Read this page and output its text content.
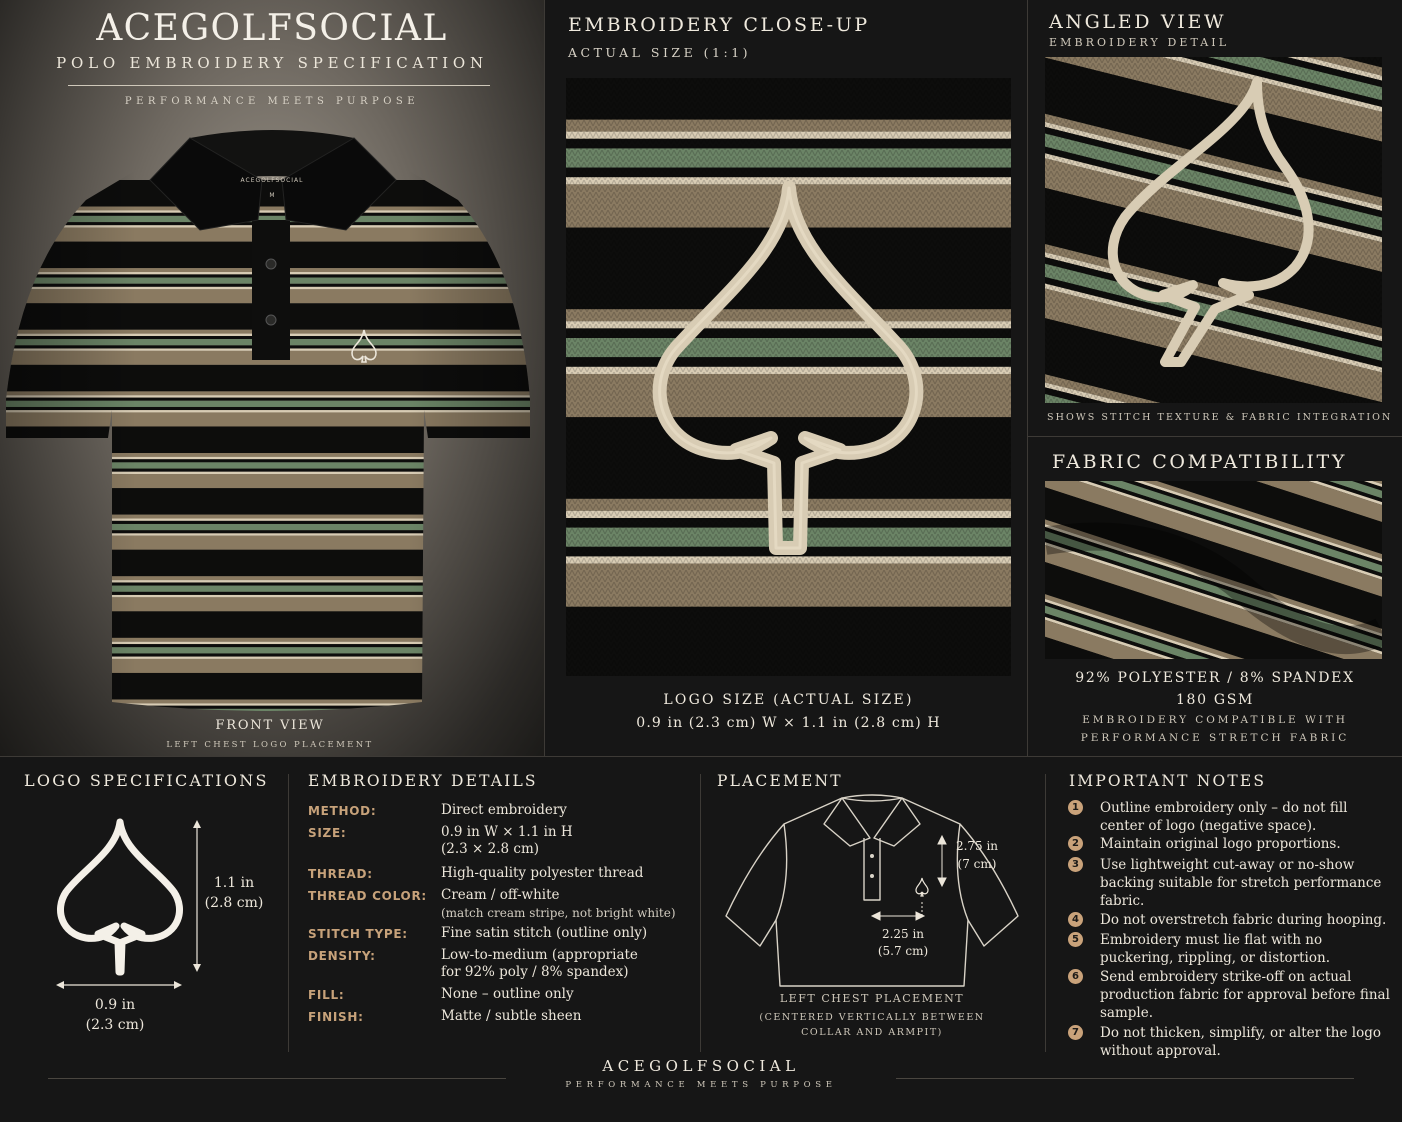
ACEGOLFSOCIAL
POLO EMBROIDERY SPECIFICATION
PERFORMANCE MEETS PURPOSE
ACEGOLFSOCIAL
M
FRONT VIEW
LEFT CHEST LOGO PLACEMENT
EMBROIDERY CLOSE-UP
ACTUAL SIZE (1:1)
LOGO SIZE (ACTUAL SIZE)
0.9 in (2.3 cm) W × 1.1 in (2.8 cm) H
ANGLED VIEW
EMBROIDERY DETAIL
SHOWS STITCH TEXTURE & FABRIC INTEGRATION
FABRIC COMPATIBILITY
92% POLYESTER / 8% SPANDEX
180 GSM
EMBROIDERY COMPATIBLE WITH
PERFORMANCE STRETCH FABRIC
LOGO SPECIFICATIONS
1.1 in
(2.8 cm)
0.9 in
(2.3 cm)
EMBROIDERY DETAILS
METHOD:	Direct embroidery
SIZE:	0.9 in W × 1.1 in H
(2.3 × 2.8 cm)
THREAD:	High-quality polyester thread
THREAD COLOR: Cream / off-white
(match cream stripe, not bright white)
STITCH TYPE: Fine satin stitch (outline only)
DENSITY:	Low-to-medium (appropriate
for 92% poly / 8% spandex)
FILL:	None – outline only
FINISH:	Matte / subtle sheen
PLACEMENT
2.75 in
(7 cm)
2.25 in
(5.7 cm)
LEFT CHEST PLACEMENT
(CENTERED VERTICALLY BETWEEN
COLLAR AND ARMPIT)
IMPORTANT NOTES
1 Outline embroidery only – do not fill center of logo (negative space).
2 Maintain original logo proportions.
3 Use lightweight cut-away or no-show backing suitable for stretch performance fabric.
4 Do not overstretch fabric during hooping.
5 Embroidery must lie flat with no puckering, rippling, or distortion.
6 Send embroidery strike-off on actual production fabric for approval before final sample.
7 Do not thicken, simplify, or alter the logo without approval.
ACEGOLFSOCIAL
PERFORMANCE MEETS PURPOSE
